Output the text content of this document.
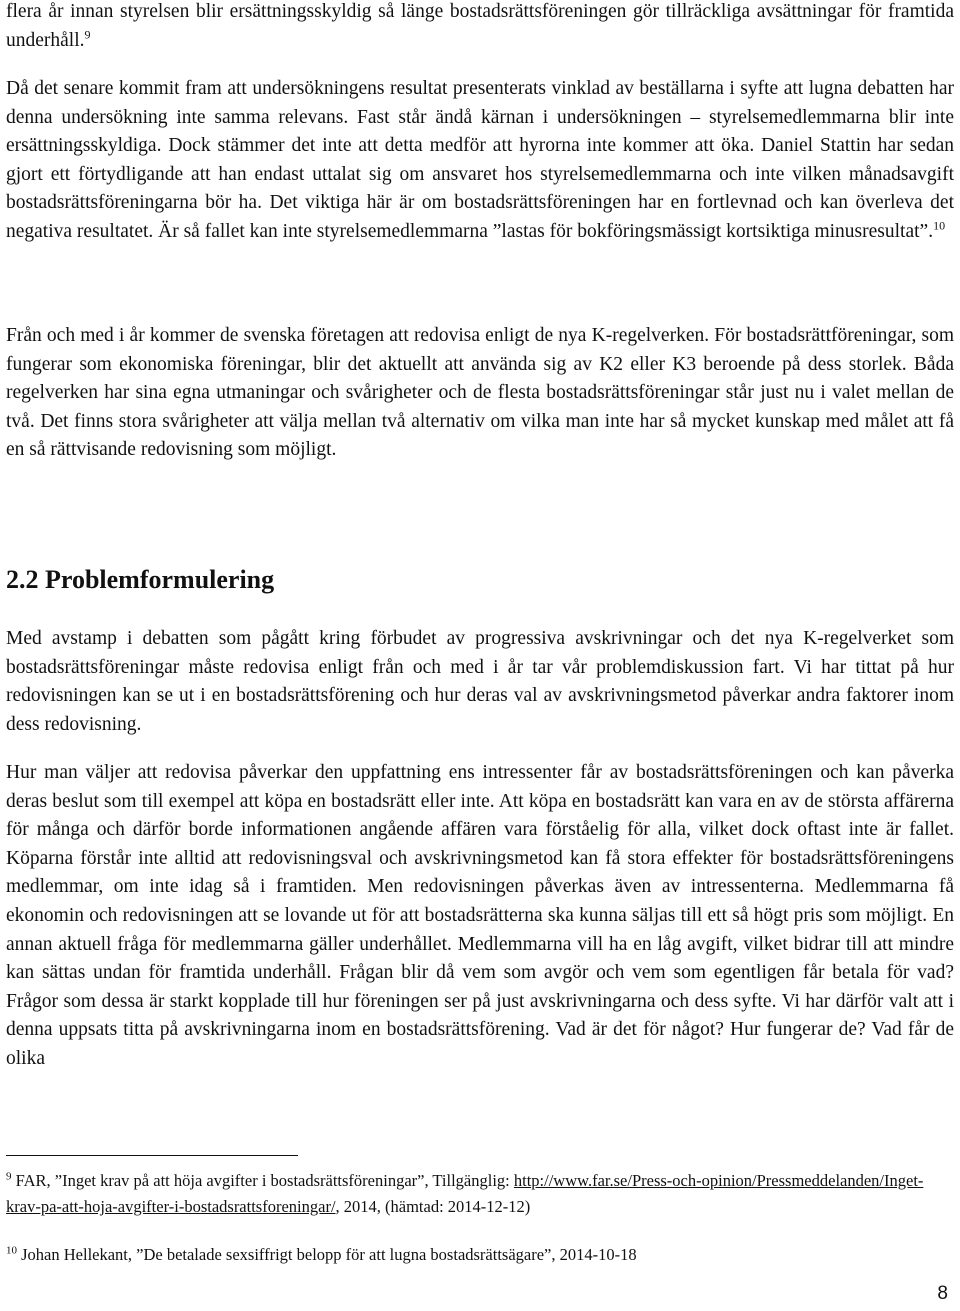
flera år innan styrelsen blir ersättningsskyldig så länge bostadsrättsföreningen gör tillräckliga avsättningar för framtida underhåll.$^9$

Då det senare kommit fram att undersökningens resultat presenterats vinklad av beställarna i syfte att lugna debatten har denna undersökning inte samma relevans. Fast står ändå kärnan i undersökningen – styrelsemedlemmarna blir inte ersättningsskyldiga. Dock stämmer det inte att detta medför att hyrorna inte kommer att öka. Daniel Stattin har sedan gjort ett förtydligande att han endast uttalat sig om ansvaret hos styrelsemedlemmarna och inte vilken månadsavgift bostadsrättsföreningarna bör ha. Det viktiga här är om bostadsrättsföreningen har en fortlevnad och kan överleva det negativa resultatet. Är så fallet kan inte styrelsemedlemmarna ”lastas för bokföringsmässigt kortsiktiga minusresultat”.$^{10}$

Från och med i år kommer de svenska företagen att redovisa enligt de nya K-regelverken. För bostadsrättföreningar, som fungerar som ekonomiska föreningar, blir det aktuellt att använda sig av K2 eller K3 beroende på dess storlek. Båda regelverken har sina egna utmaningar och svårigheter och de flesta bostadsrättsföreningar står just nu i valet mellan de två. Det finns stora svårigheter att välja mellan två alternativ om vilka man inte har så mycket kunskap med målet att få en så rättvisande redovisning som möjligt.

2.2 Problemformulering

Med avstamp i debatten som pågått kring förbudet av progressiva avskrivningar och det nya K-regelverket som bostadsrättsföreningar måste redovisa enligt från och med i år tar vår problemdiskussion fart. Vi har tittat på hur redovisningen kan se ut i en bostadsrättsförening och hur deras val av avskrivningsmetod påverkar andra faktorer inom dess redovisning.

Hur man väljer att redovisa påverkar den uppfattning ens intressenter får av bostadsrättsföreningen och kan påverka deras beslut som till exempel att köpa en bostadsrätt eller inte. Att köpa en bostadsrätt kan vara en av de största affärerna för många och därför borde informationen angående affären vara förståelig för alla, vilket dock oftast inte är fallet. Köparna förstår inte alltid att redovisningsval och avskrivningsmetod kan få stora effekter för bostadsrättsföreningens medlemmar, om inte idag så i framtiden. Men redovisningen påverkas även av intressenterna. Medlemmarna få ekonomin och redovisningen att se lovande ut för att bostadsrätterna ska kunna säljas till ett så högt pris som möjligt. En annan aktuell fråga för medlemmarna gäller underhållet. Medlemmarna vill ha en låg avgift, vilket bidrar till att mindre kan sättas undan för framtida underhåll. Frågan blir då vem som avgör och vem som egentligen får betala för vad? Frågor som dessa är starkt kopplade till hur föreningen ser på just avskrivningarna och dess syfte. Vi har därför valt att i denna uppsats titta på avskrivningarna inom en bostadsrättsförening. Vad är det för något? Hur fungerar de? Vad får de olika

$^9$ FAR, ”Inget krav på att höja avgifter i bostadsrättsföreningar”, Tillgänglig: http://www.far.se/Press-och-opinion/Pressmeddelanden/Inget-krav-pa-att-hoja-avgifter-i-bostadsrattsforeningar/, 2014, (hämtad: 2014-12-12)

$^{10}$ Johan Hellekant, ”De betalade sexsiffrigt belopp för att lugna bostadsrättsägare”, 2014-10-18

8
